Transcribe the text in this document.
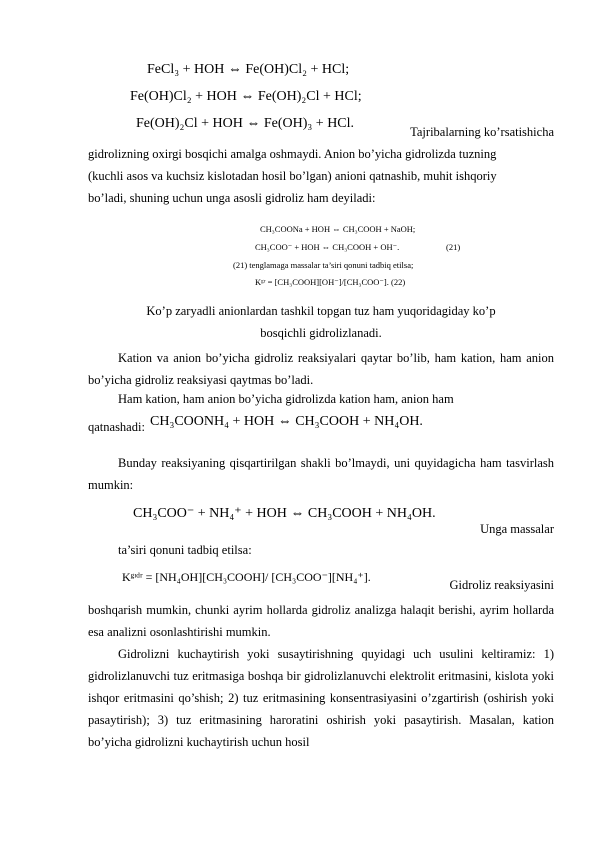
FeCl₃ + HOH ⇔ Fe(OH)Cl₂ + HCl;
Fe(OH)Cl₂ + HOH ⇔ Fe(OH)₂Cl + HCl;
Fe(OH)₂Cl + HOH ⇔ Fe(OH)₃ + HCl.
Tajribalarning ko’rsatishicha
gidrolizning oxirgi bosqichi amalga oshmaydi. Anion bo’yicha gidrolizda tuzning
(kuchli asos va kuchsiz kislotadan hosil bo’lgan) anioni qatnashib, muhit ishqoriy
bo’ladi, shuning uchun unga asosli gidroliz ham deyiladi:
CH₃COONa + HOH ⇔ CH₃COOH + NaOH;
CH₃COO⁻ + HOH ⇔ CH₃COOH + OH⁻.	(21)
(21) tenglamaga massalar ta’siri qonuni tadbiq etilsa;
Kᵍʳ = [CH₃COOH][OH⁻]/[CH₃COO⁻]. (22)
Ko’p zaryadli anionlardan tashkil topgan tuz ham yuqoridagiday ko’p
bosqichli gidrolizlanadi.
Kation va anion bo’yicha gidroliz reaksiyalari qaytar bo’lib, ham kation, ham anion bo’yicha gidroliz reaksiyasi qaytmas bo’ladi.
Ham kation, ham anion bo’yicha gidrolizda kation ham, anion ham
qatnashadi: CH₃COONH₄ + HOH ⇔ CH₃COOH + NH₄OH.
Bunday reaksiyaning qisqartirilgan shakli bo’lmaydi, uni quyidagicha ham tasvirlash mumkin:
CH₃COO⁻ + NH₄⁺ + HOH ⇔ CH₃COOH + NH₄OH.
Unga massalar
ta’siri qonuni tadbiq etilsa:
Kᵍᶦᵈʳ = [NH₄OH][CH₃COOH]/ [CH₃COO⁻][NH₄⁺].
Gidroliz reaksiyasini
boshqarish mumkin, chunki ayrim hollarda gidroliz analizga halaqit berishi, ayrim hollarda esa analizni osonlashtirishi mumkin.
Gidrolizni kuchaytirish yoki susaytirishning quyidagi uch usulini keltiramiz: 1) gidrolizlanuvchi tuz eritmasiga boshqa bir gidrolizlanuvchi elektrolit eritmasini, kislota yoki ishqor eritmasini qo’shish; 2) tuz eritmasining konsentrasiyasini o’zgartirish (oshirish yoki pasaytirish); 3) tuz eritmasining haroratini oshirish yoki pasaytirish. Masalan, kation bo’yicha gidrolizni kuchaytirish uchun hosil
